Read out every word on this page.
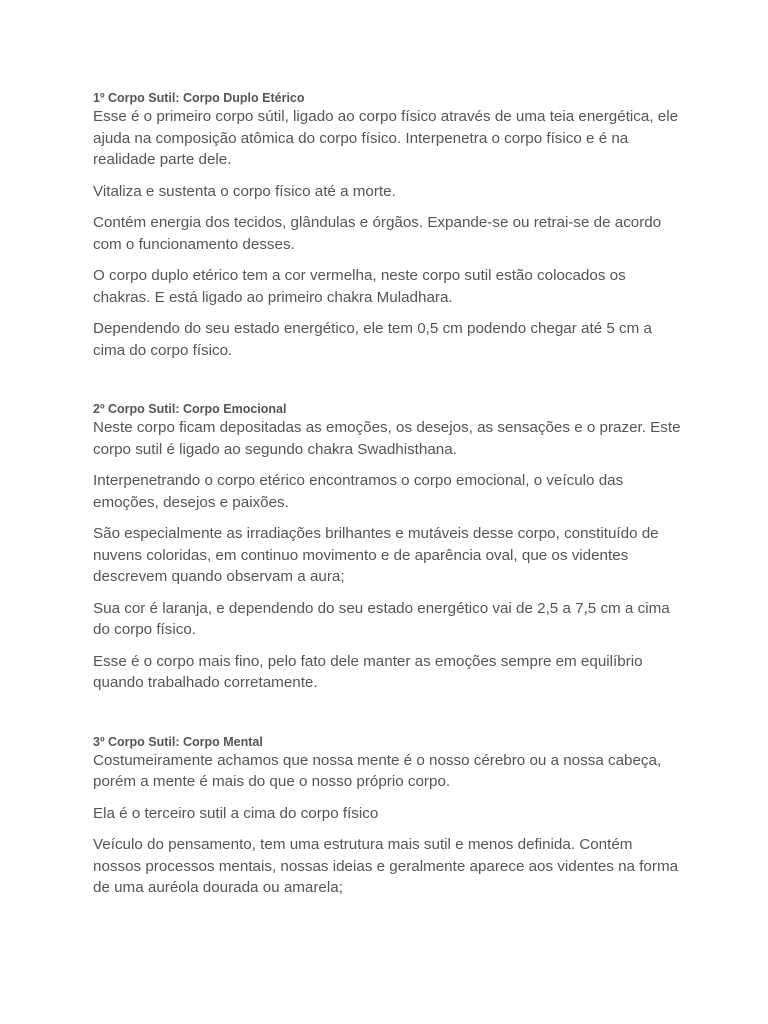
1º Corpo Sutil: Corpo Duplo Etérico

Esse é o primeiro corpo sútil, ligado ao corpo físico através de uma teia energética, ele ajuda na composição atômica do corpo físico. Interpenetra o corpo físico e é na realidade parte dele.

Vitaliza e sustenta o corpo físico até a morte.

Contém energia dos tecidos, glândulas e órgãos. Expande-se ou retrai-se de acordo com o funcionamento desses.

O corpo duplo etérico tem a cor vermelha, neste corpo sutil estão colocados os chakras. E está ligado ao primeiro chakra Muladhara.

Dependendo do seu estado energético, ele tem 0,5 cm podendo chegar até 5 cm a cima do corpo físico.

2º Corpo Sutil: Corpo Emocional

Neste corpo ficam depositadas as emoções, os desejos, as sensações e o prazer. Este corpo sutil é ligado ao segundo chakra Swadhisthana.

Interpenetrando o corpo etérico encontramos o corpo emocional, o veículo das emoções, desejos e paixões.

São especialmente as irradiações brilhantes e mutáveis desse corpo, constituído de nuvens coloridas, em continuo movimento e de aparência oval, que os videntes descrevem quando observam a aura;

Sua cor é laranja, e dependendo do seu estado energético vai de 2,5 a 7,5 cm a cima do corpo físico.

Esse é o corpo mais fino, pelo fato dele manter as emoções sempre em equilíbrio quando trabalhado corretamente.

3º Corpo Sutil: Corpo Mental

Costumeiramente achamos que nossa mente é o nosso cérebro ou a nossa cabeça, porém a mente é mais do que o nosso próprio corpo.

Ela é o terceiro sutil a cima do corpo físico

Veículo do pensamento, tem uma estrutura mais sutil e menos definida. Contém nossos processos mentais, nossas ideias e geralmente aparece aos videntes na forma de uma auréola dourada ou amarela;
